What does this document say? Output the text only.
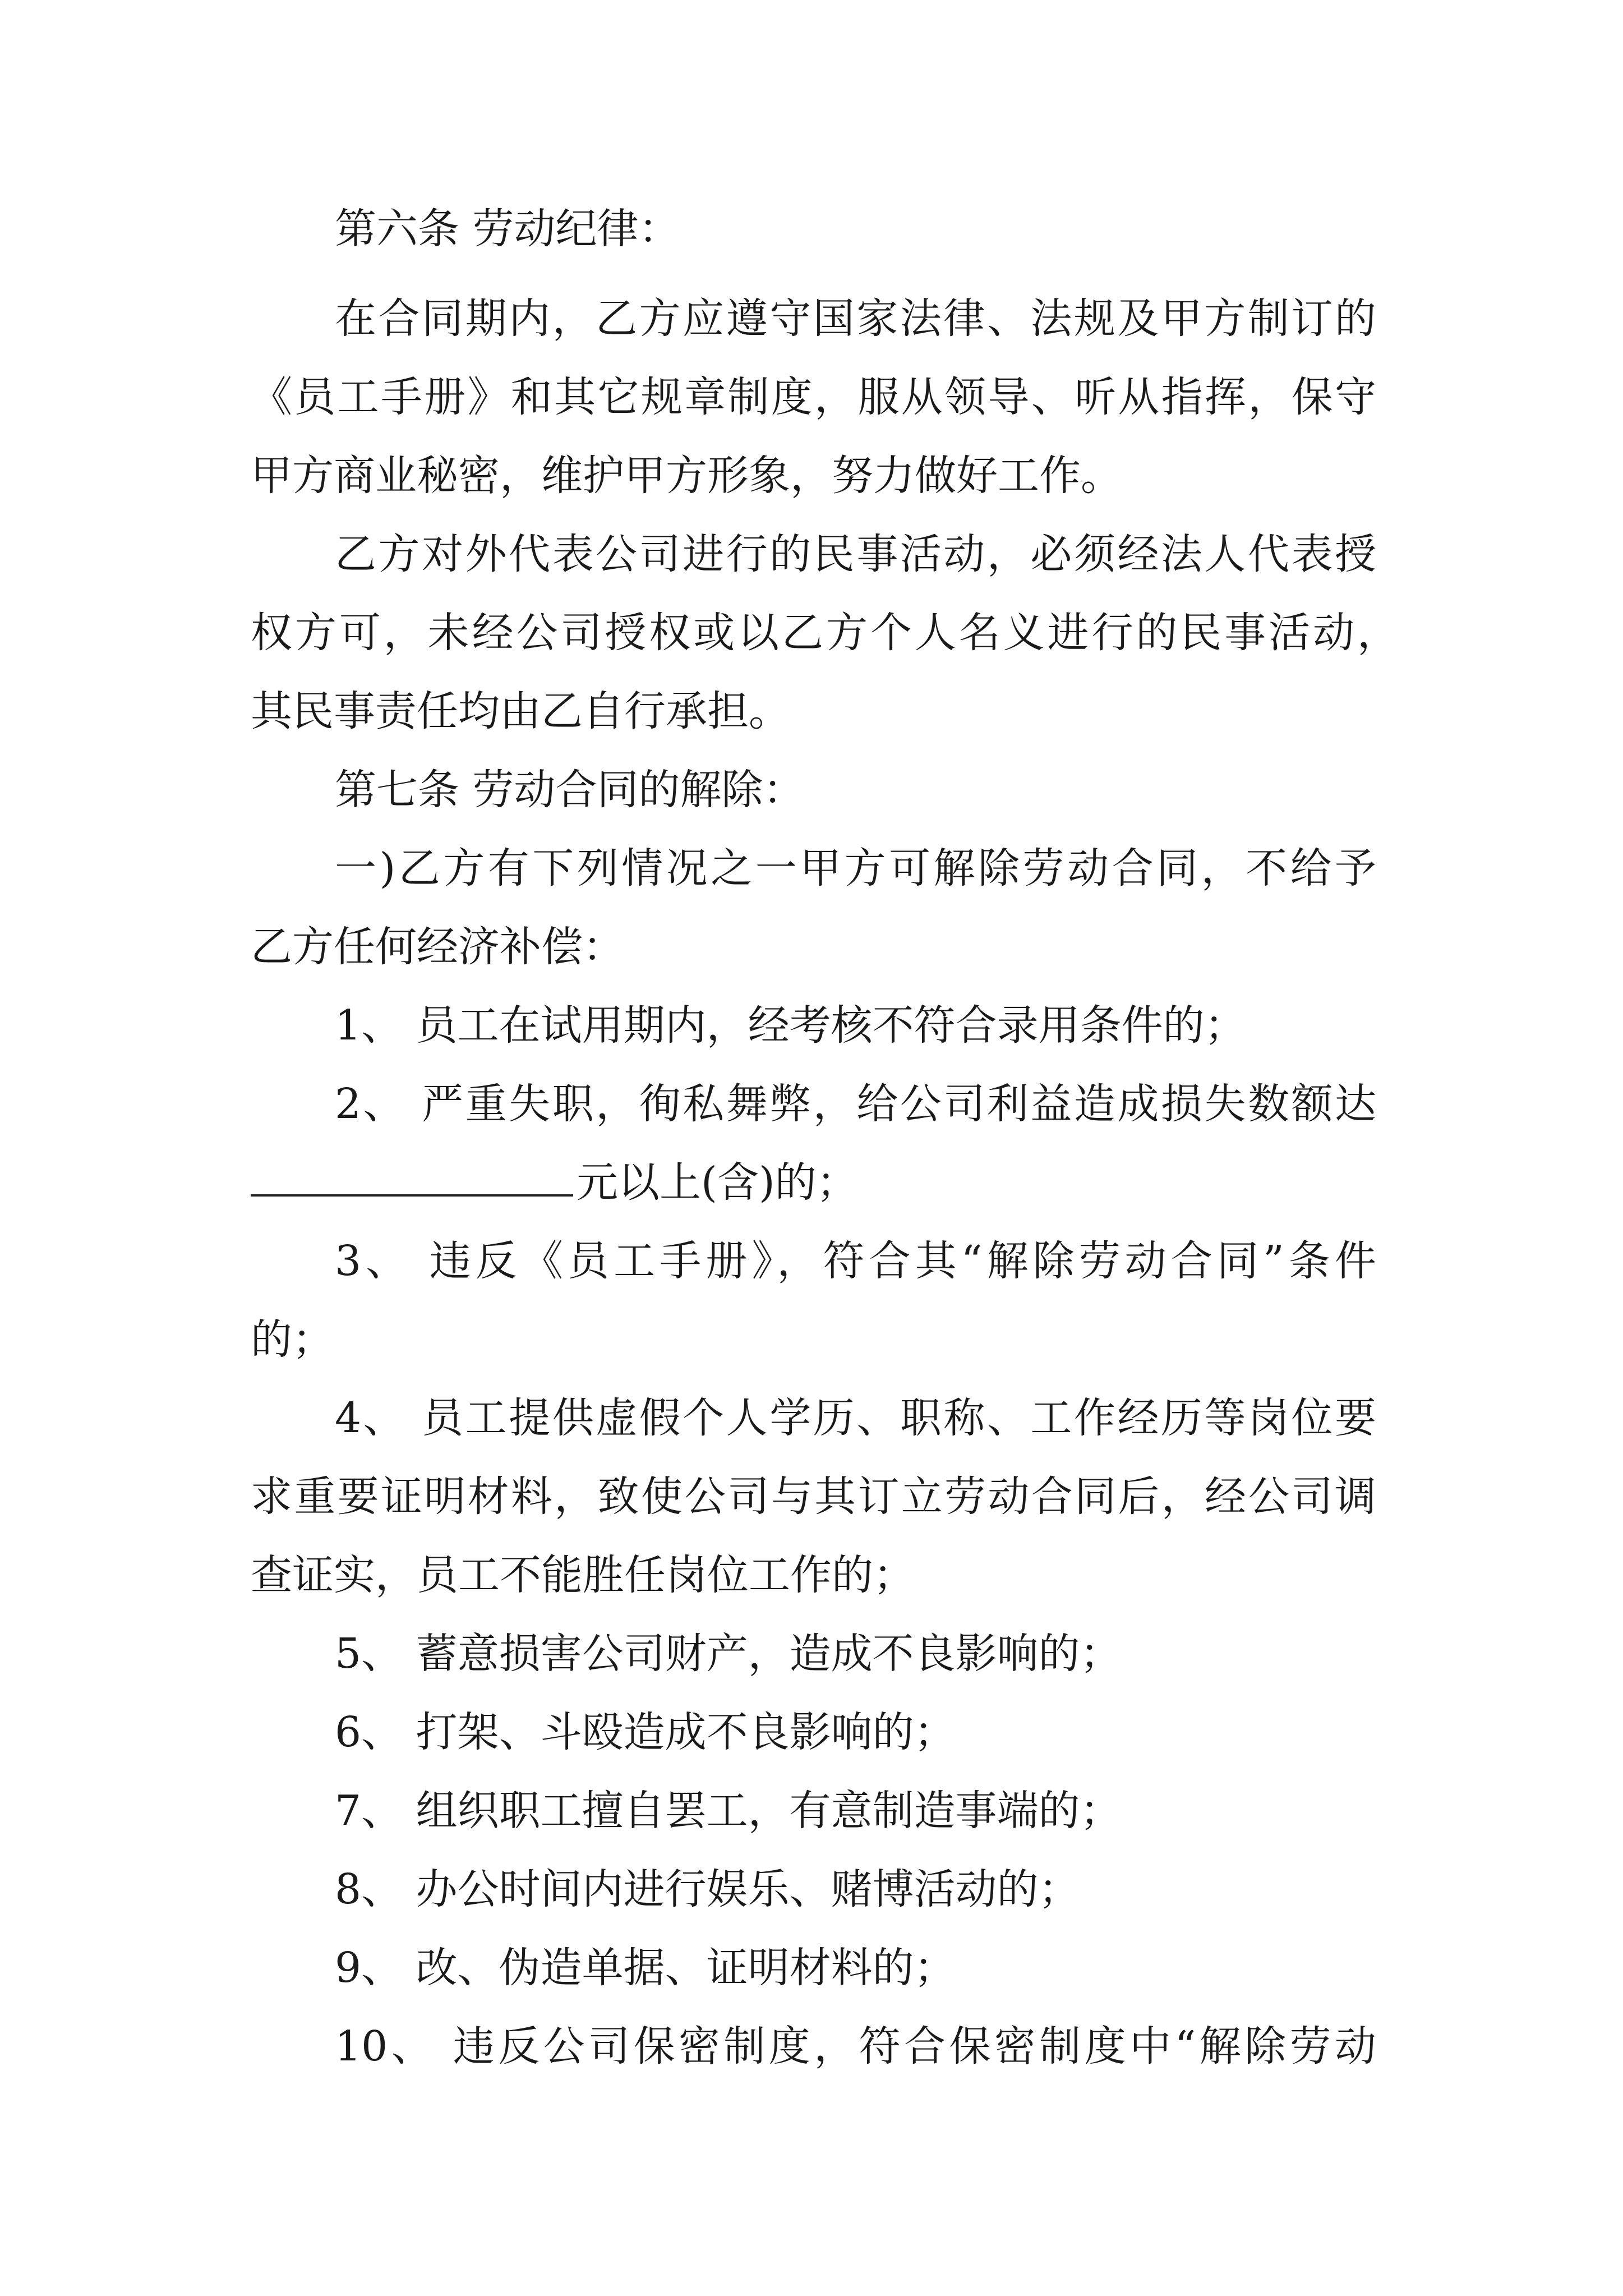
第六条 劳动纪律：

在合同期内，乙方应遵守国家法律、法规及甲方制订的

《员工手册》和其它规章制度，服从领导、听从指挥，保守

甲方商业秘密，维护甲方形象，努力做好工作。

乙方对外代表公司进行的民事活动，必须经法人代表授

权方可，未经公司授权或以乙方个人名义进行的民事活动，

其民事责任均由乙自行承担。

第七条 劳动合同的解除：

一)乙方有下列情况之一甲方可解除劳动合同，不给予

乙方任何经济补偿：

1、 员工在试用期内，经考核不符合录用条件的；

2、 严重失职，徇私舞弊，给公司利益造成损失数额达

元以上(含)的；

3、 违反《员工手册》，符合其“解除劳动合同”条件

的；

4、 员工提供虚假个人学历、职称、工作经历等岗位要

求重要证明材料，致使公司与其订立劳动合同后，经公司调

查证实，员工不能胜任岗位工作的；

5、 蓄意损害公司财产，造成不良影响的；

6、 打架、斗殴造成不良影响的；

7、 组织职工擅自罢工，有意制造事端的；

8、 办公时间内进行娱乐、赌博活动的；

9、 改、伪造单据、证明材料的；

10、 违反公司保密制度，符合保密制度中“解除劳动
